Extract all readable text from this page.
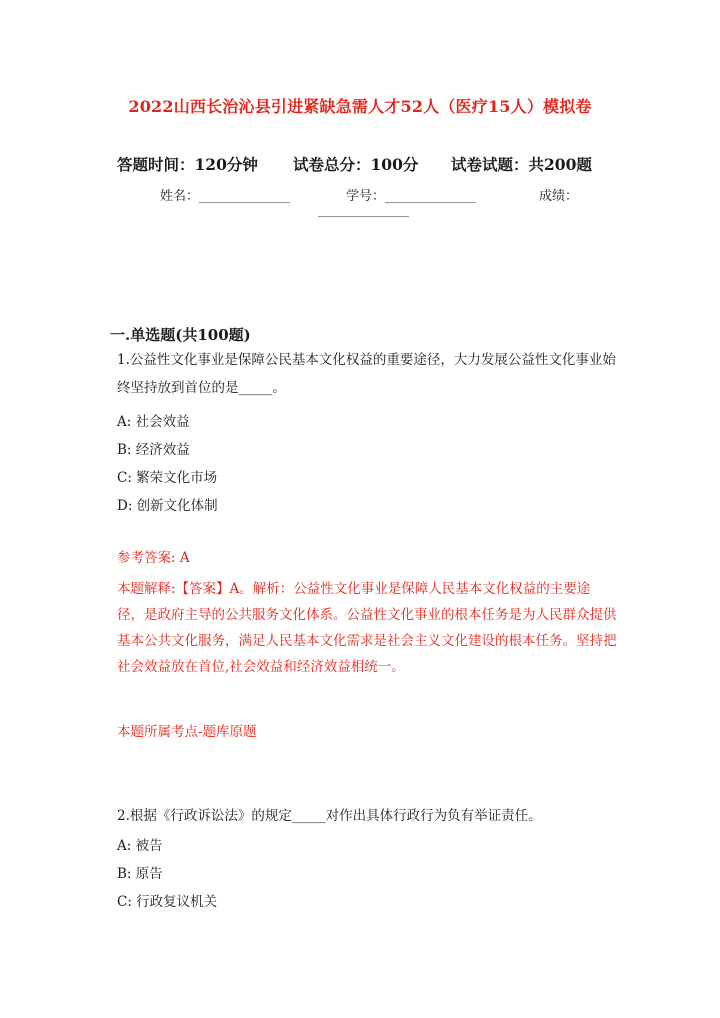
2022山西长治沁县引进紧缺急需人才52人（医疗15人）模拟卷
答题时间：120分钟 试卷总分：100分 试卷试题：共200题
姓名：______________	学号：______________	成绩：
______________
一.单选题(共100题)
1.公益性文化事业是保障公民基本文化权益的重要途径，大力发展公益性文化事业始终坚持放到首位的是_____。
A: 社会效益
B: 经济效益
C: 繁荣文化市场
D: 创新文化体制
参考答案: A
本题解释:【答案】A。解析：公益性文化事业是保障人民基本文化权益的主要途径，是政府主导的公共服务文化体系。公益性文化事业的根本任务是为人民群众提供基本公共文化服务，满足人民基本文化需求是社会主义文化建设的根本任务。坚持把社会效益放在首位,社会效益和经济效益相统一。
本题所属考点-题库原题
2.根据《行政诉讼法》的规定_____对作出具体行政行为负有举证责任。
A: 被告
B: 原告
C: 行政复议机关
